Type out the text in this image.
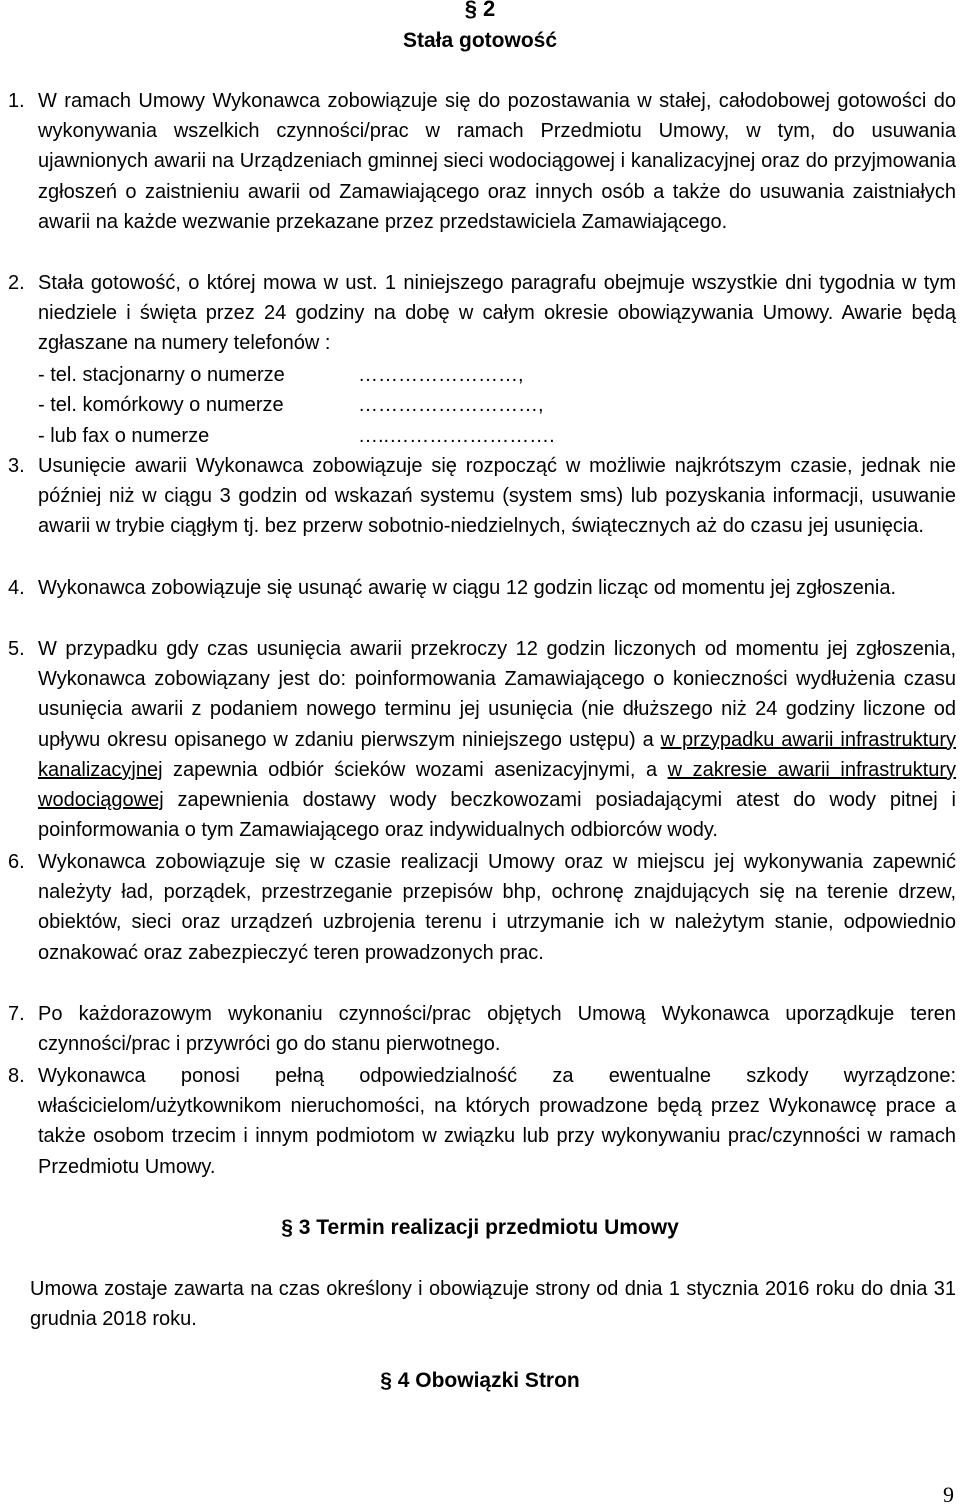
§ 2
Stała gotowość
1. W ramach Umowy Wykonawca zobowiązuje się do pozostawania w stałej, całodobowej gotowości do wykonywania wszelkich czynności/prac w ramach Przedmiotu Umowy, w tym, do usuwania ujawnionych awarii na Urządzeniach gminnej sieci wodociągowej i kanalizacyjnej oraz do przyjmowania zgłoszeń o zaistnieniu awarii od Zamawiającego oraz innych osób a także do usuwania zaistniałych awarii na każde wezwanie przekazane przez przedstawiciela Zamawiającego.
2. Stała gotowość, o której mowa w ust. 1 niniejszego paragrafu obejmuje wszystkie dni tygodnia w tym niedziele i święta przez 24 godziny na dobę w całym okresie obowiązywania Umowy. Awarie będą zgłaszane na numery telefonów :
- tel. stacjonarny o numerze	……………………,
- tel. komórkowy o numerze	………………………,
- lub fax o numerze	…..…………………….
3. Usunięcie awarii Wykonawca zobowiązuje się rozpocząć w możliwie najkrótszym czasie, jednak nie później niż w ciągu 3 godzin od wskazań systemu (system sms) lub pozyskania informacji, usuwanie awarii w trybie ciągłym tj. bez przerw sobotnio-niedzielnych, świątecznych aż do czasu jej usunięcia.
4. Wykonawca zobowiązuje się usunąć awarię w ciągu 12 godzin licząc od momentu jej zgłoszenia.
5. W przypadku gdy czas usunięcia awarii przekroczy 12 godzin liczonych od momentu jej zgłoszenia, Wykonawca zobowiązany jest do: poinformowania Zamawiającego o konieczności wydłużenia czasu usunięcia awarii z podaniem nowego terminu jej usunięcia (nie dłuższego niż 24 godziny liczone od upływu okresu opisanego w zdaniu pierwszym niniejszego ustępu) a w przypadku awarii infrastruktury kanalizacyjnej zapewnia odbiór ścieków wozami asenizacyjnymi, a w zakresie awarii infrastruktury wodociągowej zapewnienia dostawy wody beczkowozami posiadającymi atest do wody pitnej i poinformowania o tym Zamawiającego oraz indywidualnych odbiorców wody.
6. Wykonawca zobowiązuje się w czasie realizacji Umowy oraz w miejscu jej wykonywania zapewnić należyty ład, porządek, przestrzeganie przepisów bhp, ochronę znajdujących się na terenie drzew, obiektów, sieci oraz urządzeń uzbrojenia terenu i utrzymanie ich w należytym stanie, odpowiednio oznakować oraz zabezpieczyć teren prowadzonych prac.
7. Po każdorazowym wykonaniu czynności/prac objętych Umową Wykonawca uporządkuje teren czynności/prac i przywróci go do stanu pierwotnego.
8. Wykonawca ponosi pełną odpowiedzialność za ewentualne szkody wyrządzone: właścicielom/użytkownikom nieruchomości, na których prowadzone będą przez Wykonawcę prace a także osobom trzecim i innym podmiotom w związku lub przy wykonywaniu prac/czynności w ramach Przedmiotu Umowy.
§ 3 Termin realizacji przedmiotu Umowy
Umowa zostaje zawarta na czas określony i obowiązuje strony od dnia 1 stycznia 2016 roku do dnia 31 grudnia 2018 roku.
§ 4 Obowiązki Stron
9
